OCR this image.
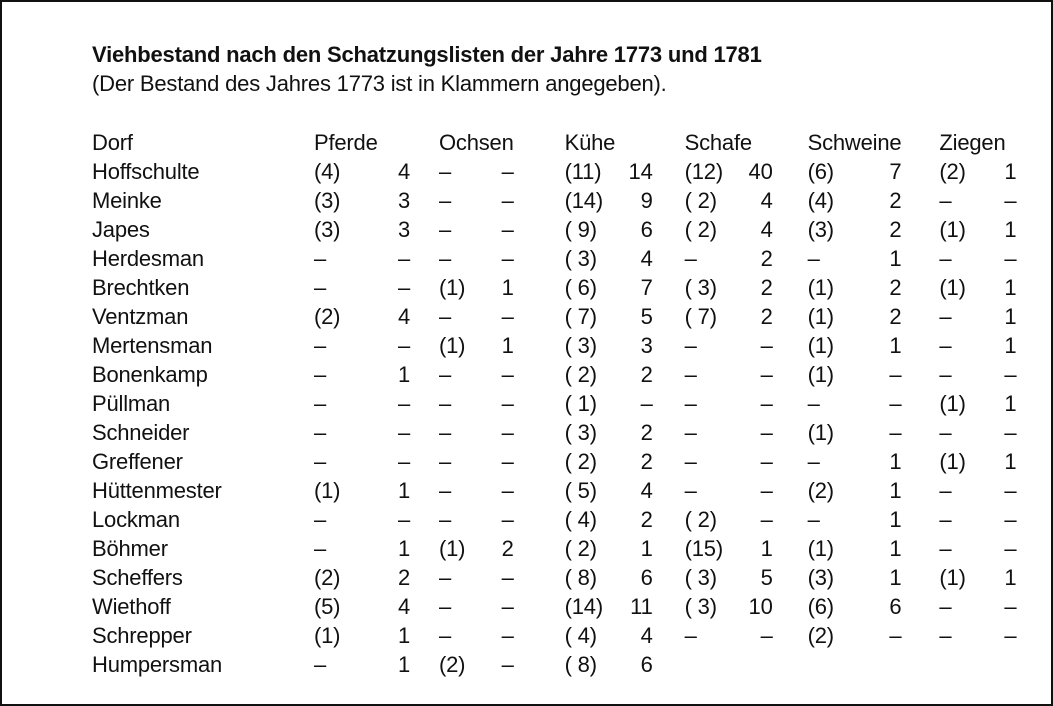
Viehbestand nach den Schatzungslisten der Jahre 1773 und 1781
(Der Bestand des Jahres 1773 ist in Klammern angegeben).
Dorf	Pferde			Ochsen			Kühe			Schafe			Schweine			Ziegen	
Hoffschulte	(4)	4		–	–		(11)	14		(12)	40		(6)	7		(2)	1
Meinke	(3)	3		–	–		(14)	9		( 2)	4		(4)	2		–	–
Japes	(3)	3		–	–		( 9)	6		( 2)	4		(3)	2		(1)	1
Herdesman	–	–		–	–		( 3)	4		–	2		–	1		–	–
Brechtken	–	–		(1)	1		( 6)	7		( 3)	2		(1)	2		(1)	1
Ventzman	(2)	4		–	–		( 7)	5		( 7)	2		(1)	2		–	1
Mertensman	–	–		(1)	1		( 3)	3		–	–		(1)	1		–	1
Bonenkamp	–	1		–	–		( 2)	2		–	–		(1)	–		–	–
Püllman	–	–		–	–		( 1)	–		–	–		–	–		(1)	1
Schneider	–	–		–	–		( 3)	2		–	–		(1)	–		–	–
Greffener	–	–		–	–		( 2)	2		–	–		–	1		(1)	1
Hüttenmester	(1)	1		–	–		( 5)	4		–	–		(2)	1		–	–
Lockman	–	–		–	–		( 4)	2		( 2)	–		–	1		–	–
Böhmer	–	1		(1)	2		( 2)	1		(15)	1		(1)	1		–	–
Scheffers	(2)	2		–	–		( 8)	6		( 3)	5		(3)	1		(1)	1
Wiethoff	(5)	4		–	–		(14)	11		( 3)	10		(6)	6		–	–
Schrepper	(1)	1		–	–		( 4)	4		–	–		(2)	–		–	–
Humpersman	–	1		(2)	–		( 8)	6									
